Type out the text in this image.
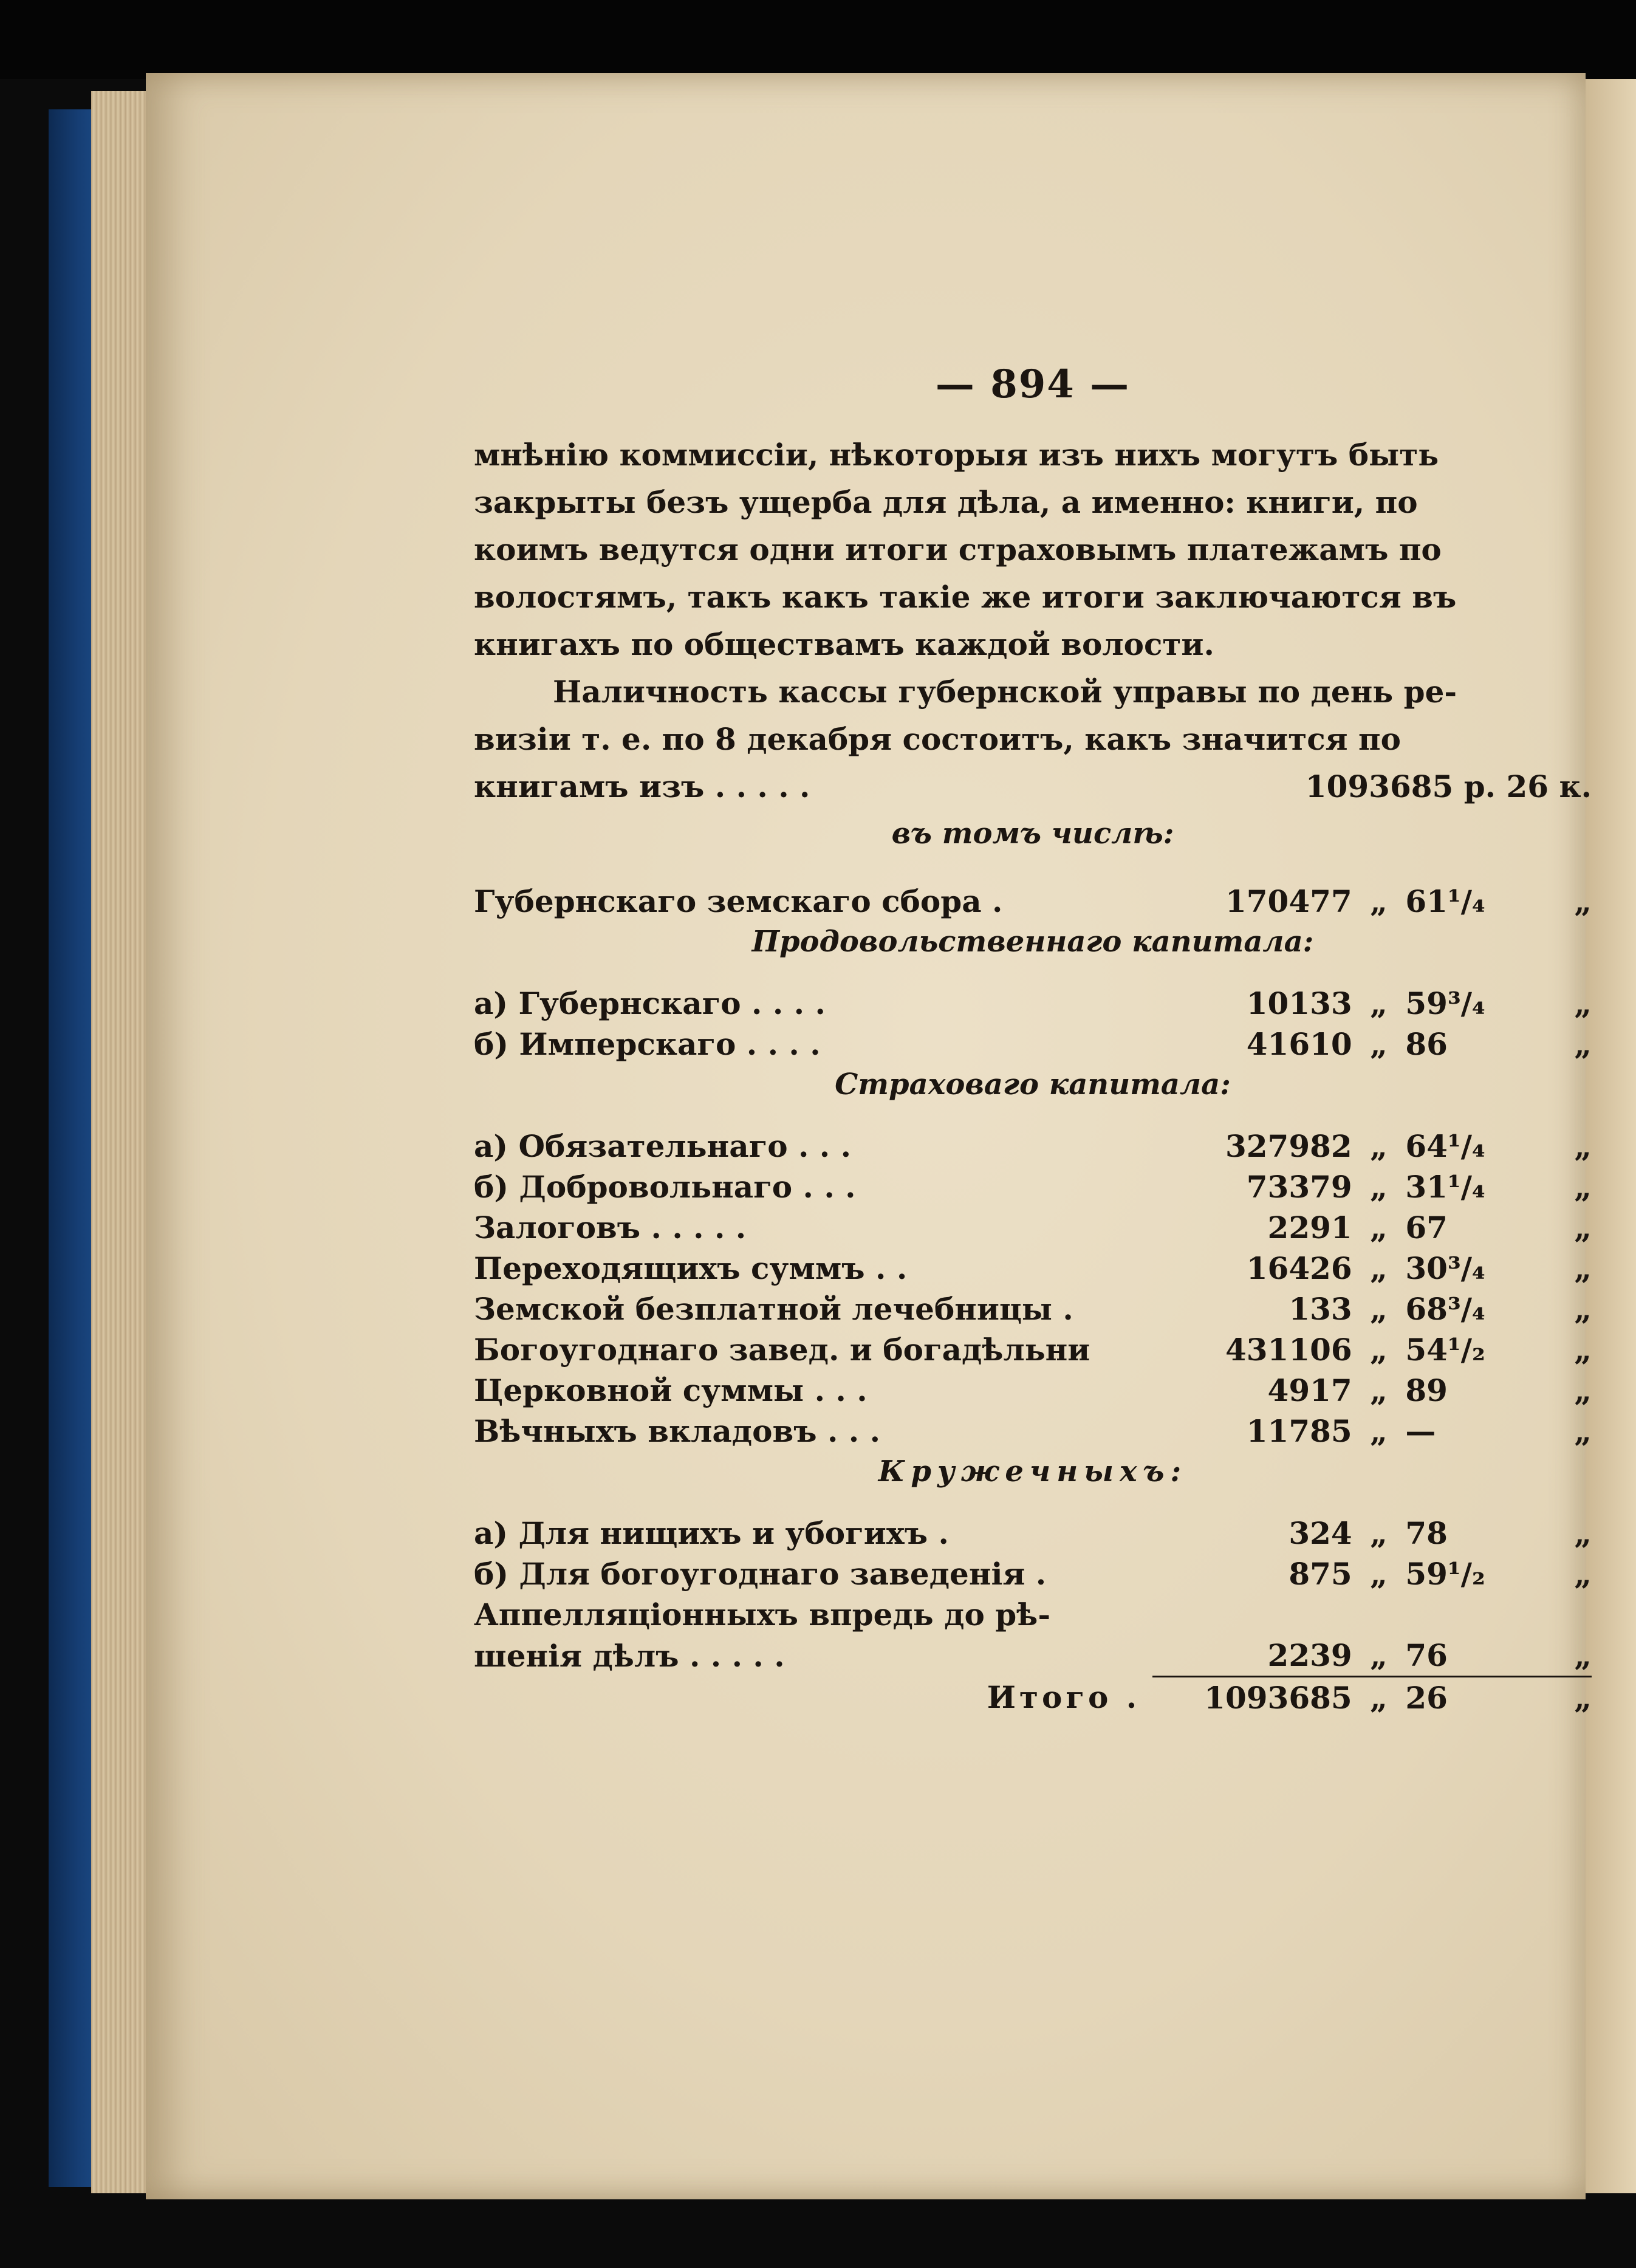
— 894 —

мнѣнію коммиссіи, нѣкоторыя изъ нихъ могутъ быть

закрыты безъ ущерба для дѣла, а именно: книги, по

коимъ ведутся одни итоги страховымъ платежамъ по

волостямъ, такъ какъ такіе же итоги заключаются въ

книгахъ по обществамъ каждой волости.

Наличность кассы губернской управы по день ре-

визіи т. е. по 8 декабря состоитъ, какъ значится по

книгамъ изъ . . . . .	1093685 р. 26 к.
въ томъ числѣ:

Губернскаго земскаго сбора .	170477	„	61¹/₄	„
Продовольственнаго капитала:				

а) Губернскаго . . . .	10133	„	59³/₄	„
б) Имперскаго . . . .	41610	„	86	„
Страховаго капитала:				

а) Обязательнаго . . .	327982	„	64¹/₄	„
б) Добровольнаго . . .	73379	„	31¹/₄	„
Залоговъ . . . . .	2291	„	67	„
Переходящихъ суммъ . .	16426	„	30³/₄	„
Земской безплатной лечебницы .	133	„	68³/₄	„
Богоугоднаго завед. и богадѣльни	431106	„	54¹/₂	„
Церковной суммы . . .	4917	„	89	„
Вѣчныхъ вкладовъ . . .	11785	„	—	„
Кружечныхъ:				

а) Для нищихъ и убогихъ .	324	„	78	„
б) Для богоугоднаго заведенія .	875	„	59¹/₂	„
Аппелляціонныхъ впредь до рѣ-				
шенія дѣлъ . . . . .	2239	„	76	„
Итого .	1093685	„	26	„
